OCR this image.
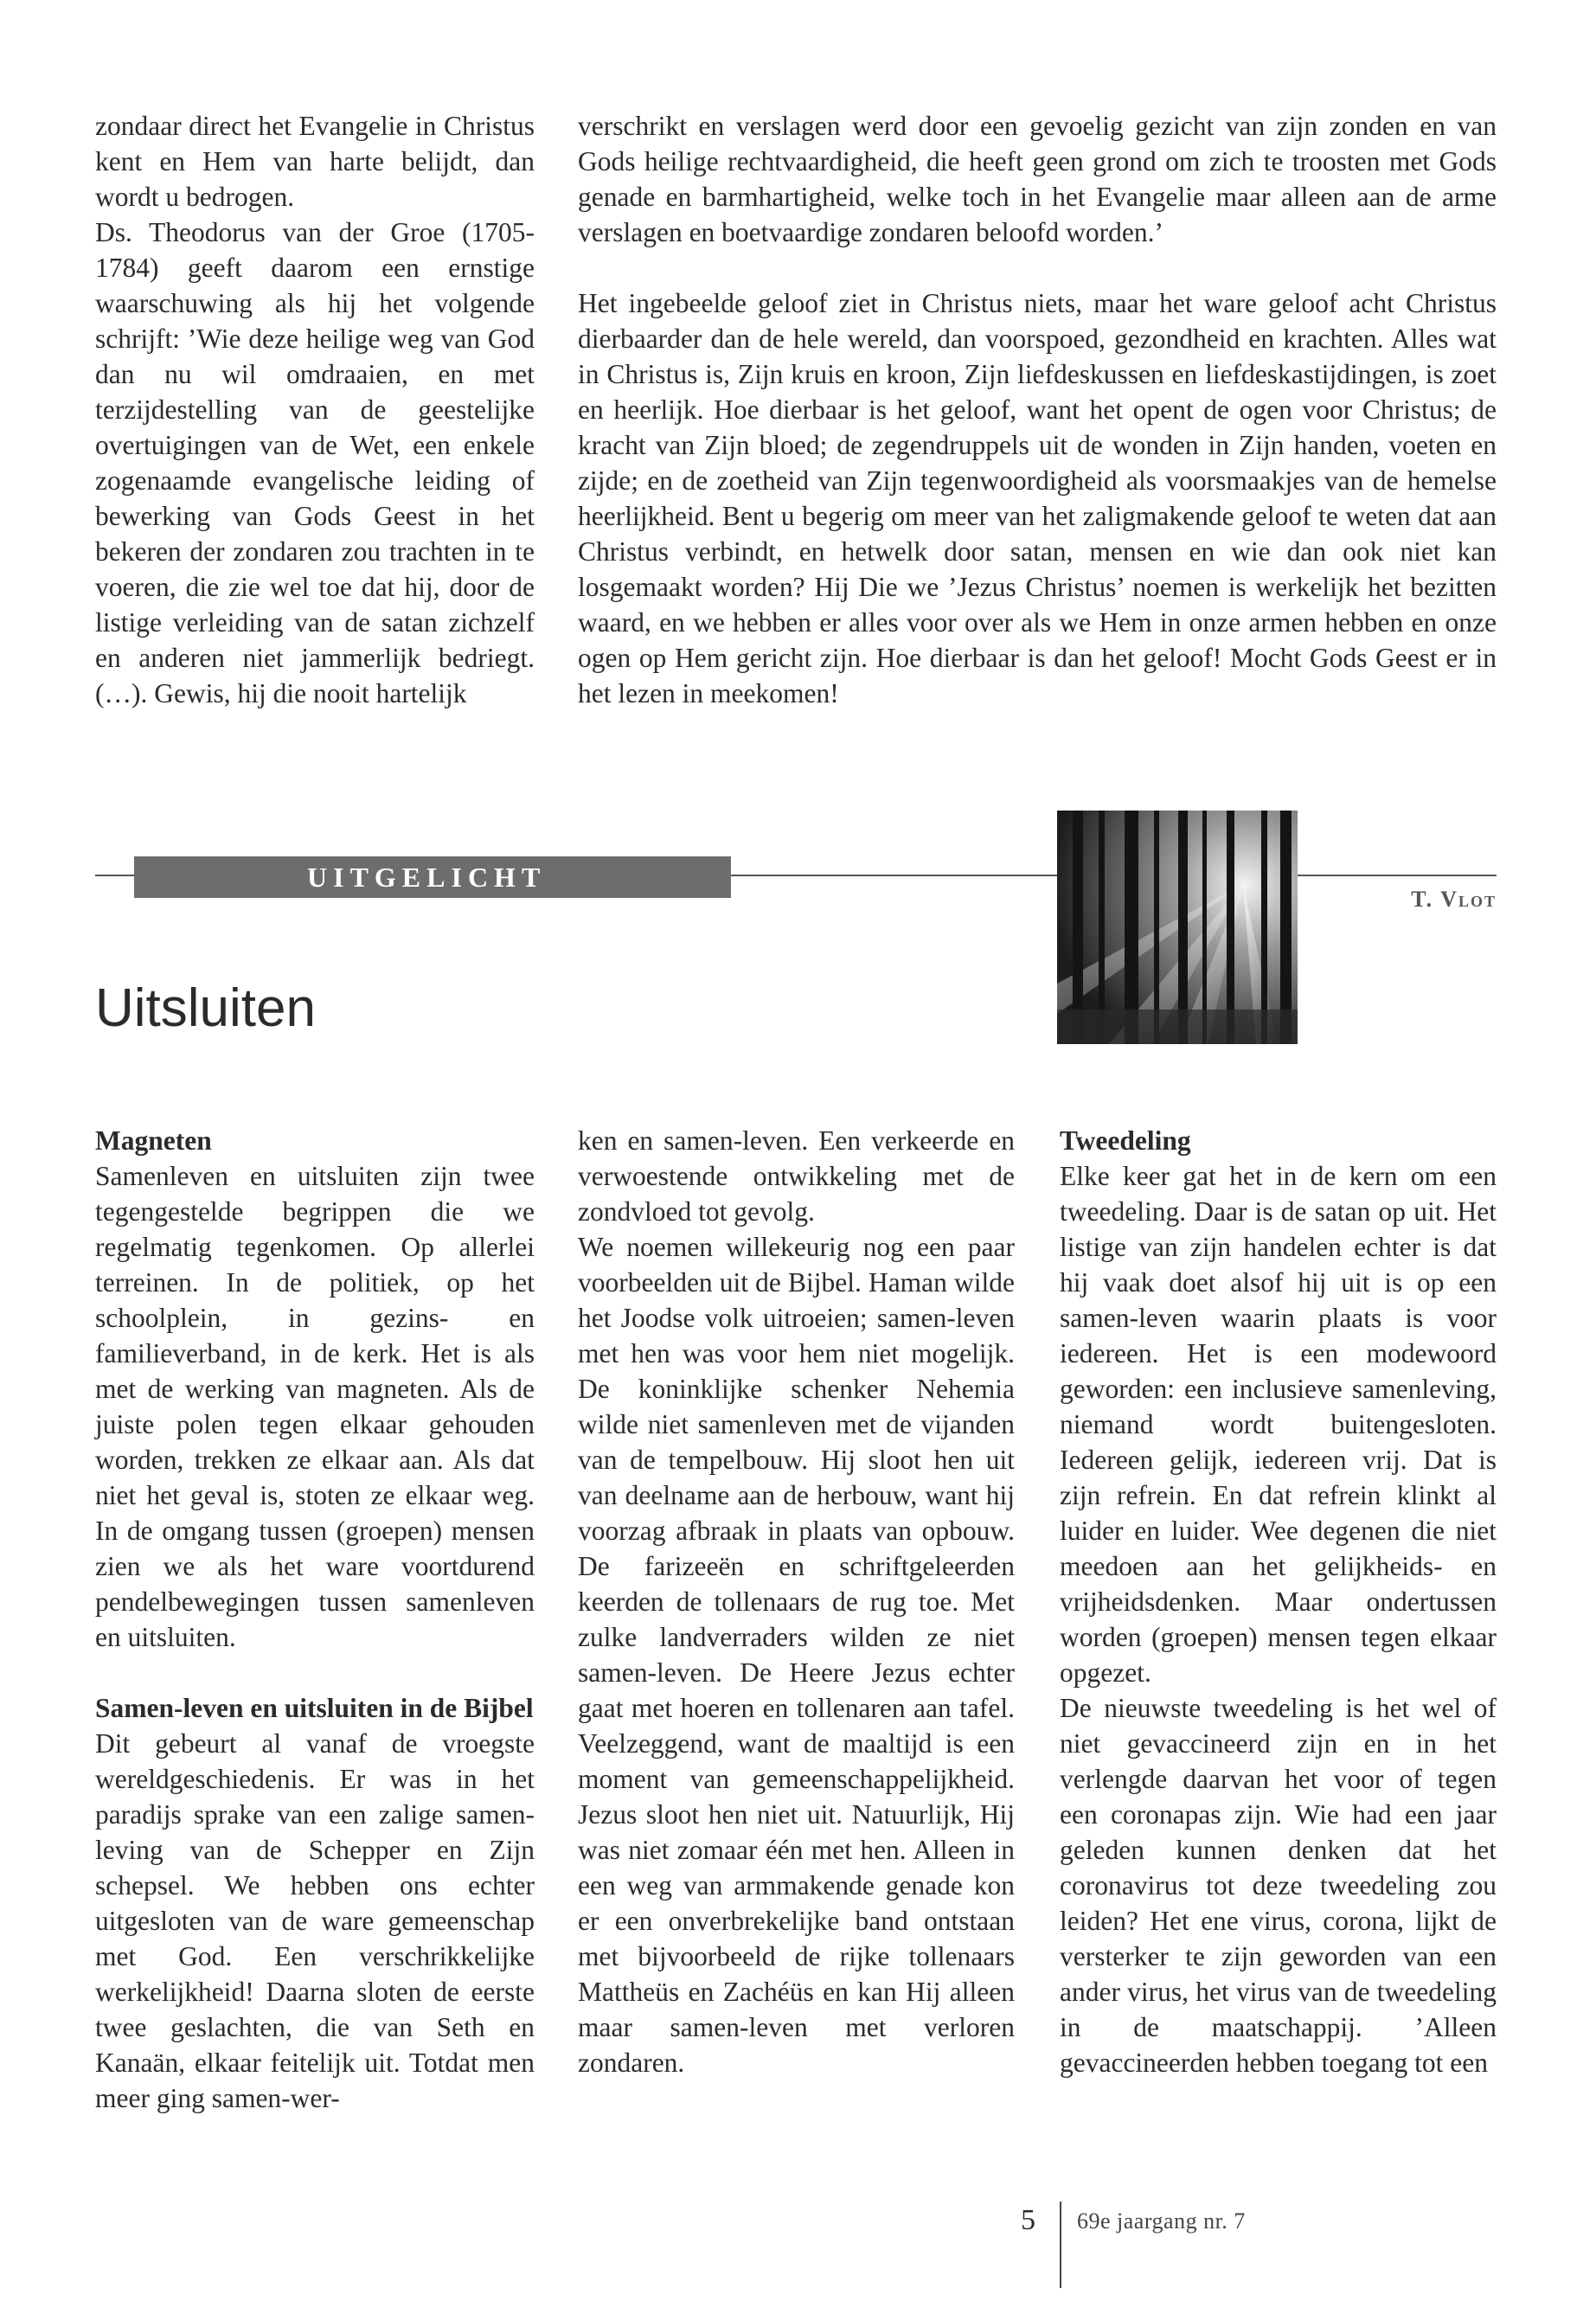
zondaar direct het Evangelie in Christus kent en Hem van harte belijdt, dan wordt u bedrogen.

Ds. Theodorus van der Groe (1705-1784) geeft daarom een ernstige waarschuwing als hij het volgende schrijft: ’Wie deze heilige weg van God dan nu wil omdraaien, en met terzijdestelling van de geestelijke overtuigingen van de Wet, een enkele zogenaamde evangelische leiding of bewerking van Gods Geest in het bekeren der zondaren zou trachten in te voeren, die zie wel toe dat hij, door de listige verleiding van de satan zichzelf en anderen niet jammerlijk bedriegt. (…). Gewis, hij die nooit hartelijk

verschrikt en verslagen werd door een gevoelig gezicht van zijn zonden en van Gods heilige rechtvaardigheid, die heeft geen grond om zich te troosten met Gods genade en barmhartigheid, welke toch in het Evangelie maar alleen aan de arme verslagen en boetvaardige zondaren beloofd worden.’

Het ingebeelde geloof ziet in Christus niets, maar het ware geloof acht Christus dierbaarder dan de hele wereld, dan voorspoed, gezondheid en krachten. Alles wat in Christus is, Zijn kruis en kroon, Zijn liefdeskussen en liefdeskastijdingen, is zoet en heerlijk. Hoe dierbaar is het geloof, want het opent de ogen voor Christus; de kracht van Zijn bloed; de zegendruppels uit de wonden in Zijn handen, voeten en zijde; en de zoetheid van Zijn tegenwoordigheid als voorsmaakjes van de hemelse heerlijkheid. Bent u begerig om meer van het zaligmakende geloof te weten dat aan Christus verbindt, en hetwelk door satan, mensen en wie dan ook niet kan losgemaakt worden? Hij Die we ’Jezus Christus’ noemen is werkelijk het bezitten waard, en we hebben er alles voor over als we Hem in onze armen hebben en onze ogen op Hem gericht zijn. Hoe dierbaar is dan het geloof! Mocht Gods Geest er in het lezen in meekomen!

UITGELICHT
T. Vlot
Uitsluiten

Magneten

Samenleven en uitsluiten zijn twee tegengestelde begrippen die we regelmatig tegenkomen. Op allerlei terreinen. In de politiek, op het schoolplein, in gezins- en familieverband, in de kerk. Het is als met de werking van magneten. Als de juiste polen tegen elkaar gehouden worden, trekken ze elkaar aan. Als dat niet het geval is, stoten ze elkaar weg. In de omgang tussen (groepen) mensen zien we als het ware voortdurend pendelbewegingen tussen samenleven en uitsluiten.

Samen-leven en uitsluiten in de Bijbel

Dit gebeurt al vanaf de vroegste wereldgeschiedenis. Er was in het paradijs sprake van een zalige samen-leving van de Schepper en Zijn schepsel. We hebben ons echter uitgesloten van de ware gemeenschap met God. Een verschrikkelijke werkelijkheid! Daarna sloten de eerste twee geslachten, die van Seth en Kanaän, elkaar feitelijk uit. Totdat men meer ging samen-wer-

ken en samen-leven. Een verkeerde en verwoestende ontwikkeling met de zondvloed tot gevolg.

We noemen willekeurig nog een paar voorbeelden uit de Bijbel. Haman wilde het Joodse volk uitroeien; samen-leven met hen was voor hem niet mogelijk. De koninklijke schenker Nehemia wilde niet samenleven met de vijanden van de tempelbouw. Hij sloot hen uit van deelname aan de herbouw, want hij voorzag afbraak in plaats van opbouw. De farizeeën en schriftgeleerden keerden de tollenaars de rug toe. Met zulke landverraders wilden ze niet samen-leven. De Heere Jezus echter gaat met hoeren en tollenaren aan tafel. Veelzeggend, want de maaltijd is een moment van gemeenschappelijkheid. Jezus sloot hen niet uit. Natuurlijk, Hij was niet zomaar één met hen. Alleen in een weg van armmakende genade kon er een onverbrekelijke band ontstaan met bijvoorbeeld de rijke tollenaars Mattheüs en Zachéüs en kan Hij alleen maar samen-leven met verloren zondaren.

Tweedeling

Elke keer gat het in de kern om een tweedeling. Daar is de satan op uit. Het listige van zijn handelen echter is dat hij vaak doet alsof hij uit is op een samen-leven waarin plaats is voor iedereen. Het is een modewoord geworden: een inclusieve samenleving, niemand wordt buitengesloten. Iedereen gelijk, iedereen vrij. Dat is zijn refrein. En dat refrein klinkt al luider en luider. Wee degenen die niet meedoen aan het gelijkheids- en vrijheidsdenken. Maar ondertussen worden (groepen) mensen tegen elkaar opgezet.

De nieuwste tweedeling is het wel of niet gevaccineerd zijn en in het verlengde daarvan het voor of tegen een coronapas zijn. Wie had een jaar geleden kunnen denken dat het coronavirus tot deze tweedeling zou leiden? Het ene virus, corona, lijkt de versterker te zijn geworden van een ander virus, het virus van de tweedeling in de maatschappij. ’Alleen gevaccineerden hebben toegang tot een

5 69e jaargang nr. 7
